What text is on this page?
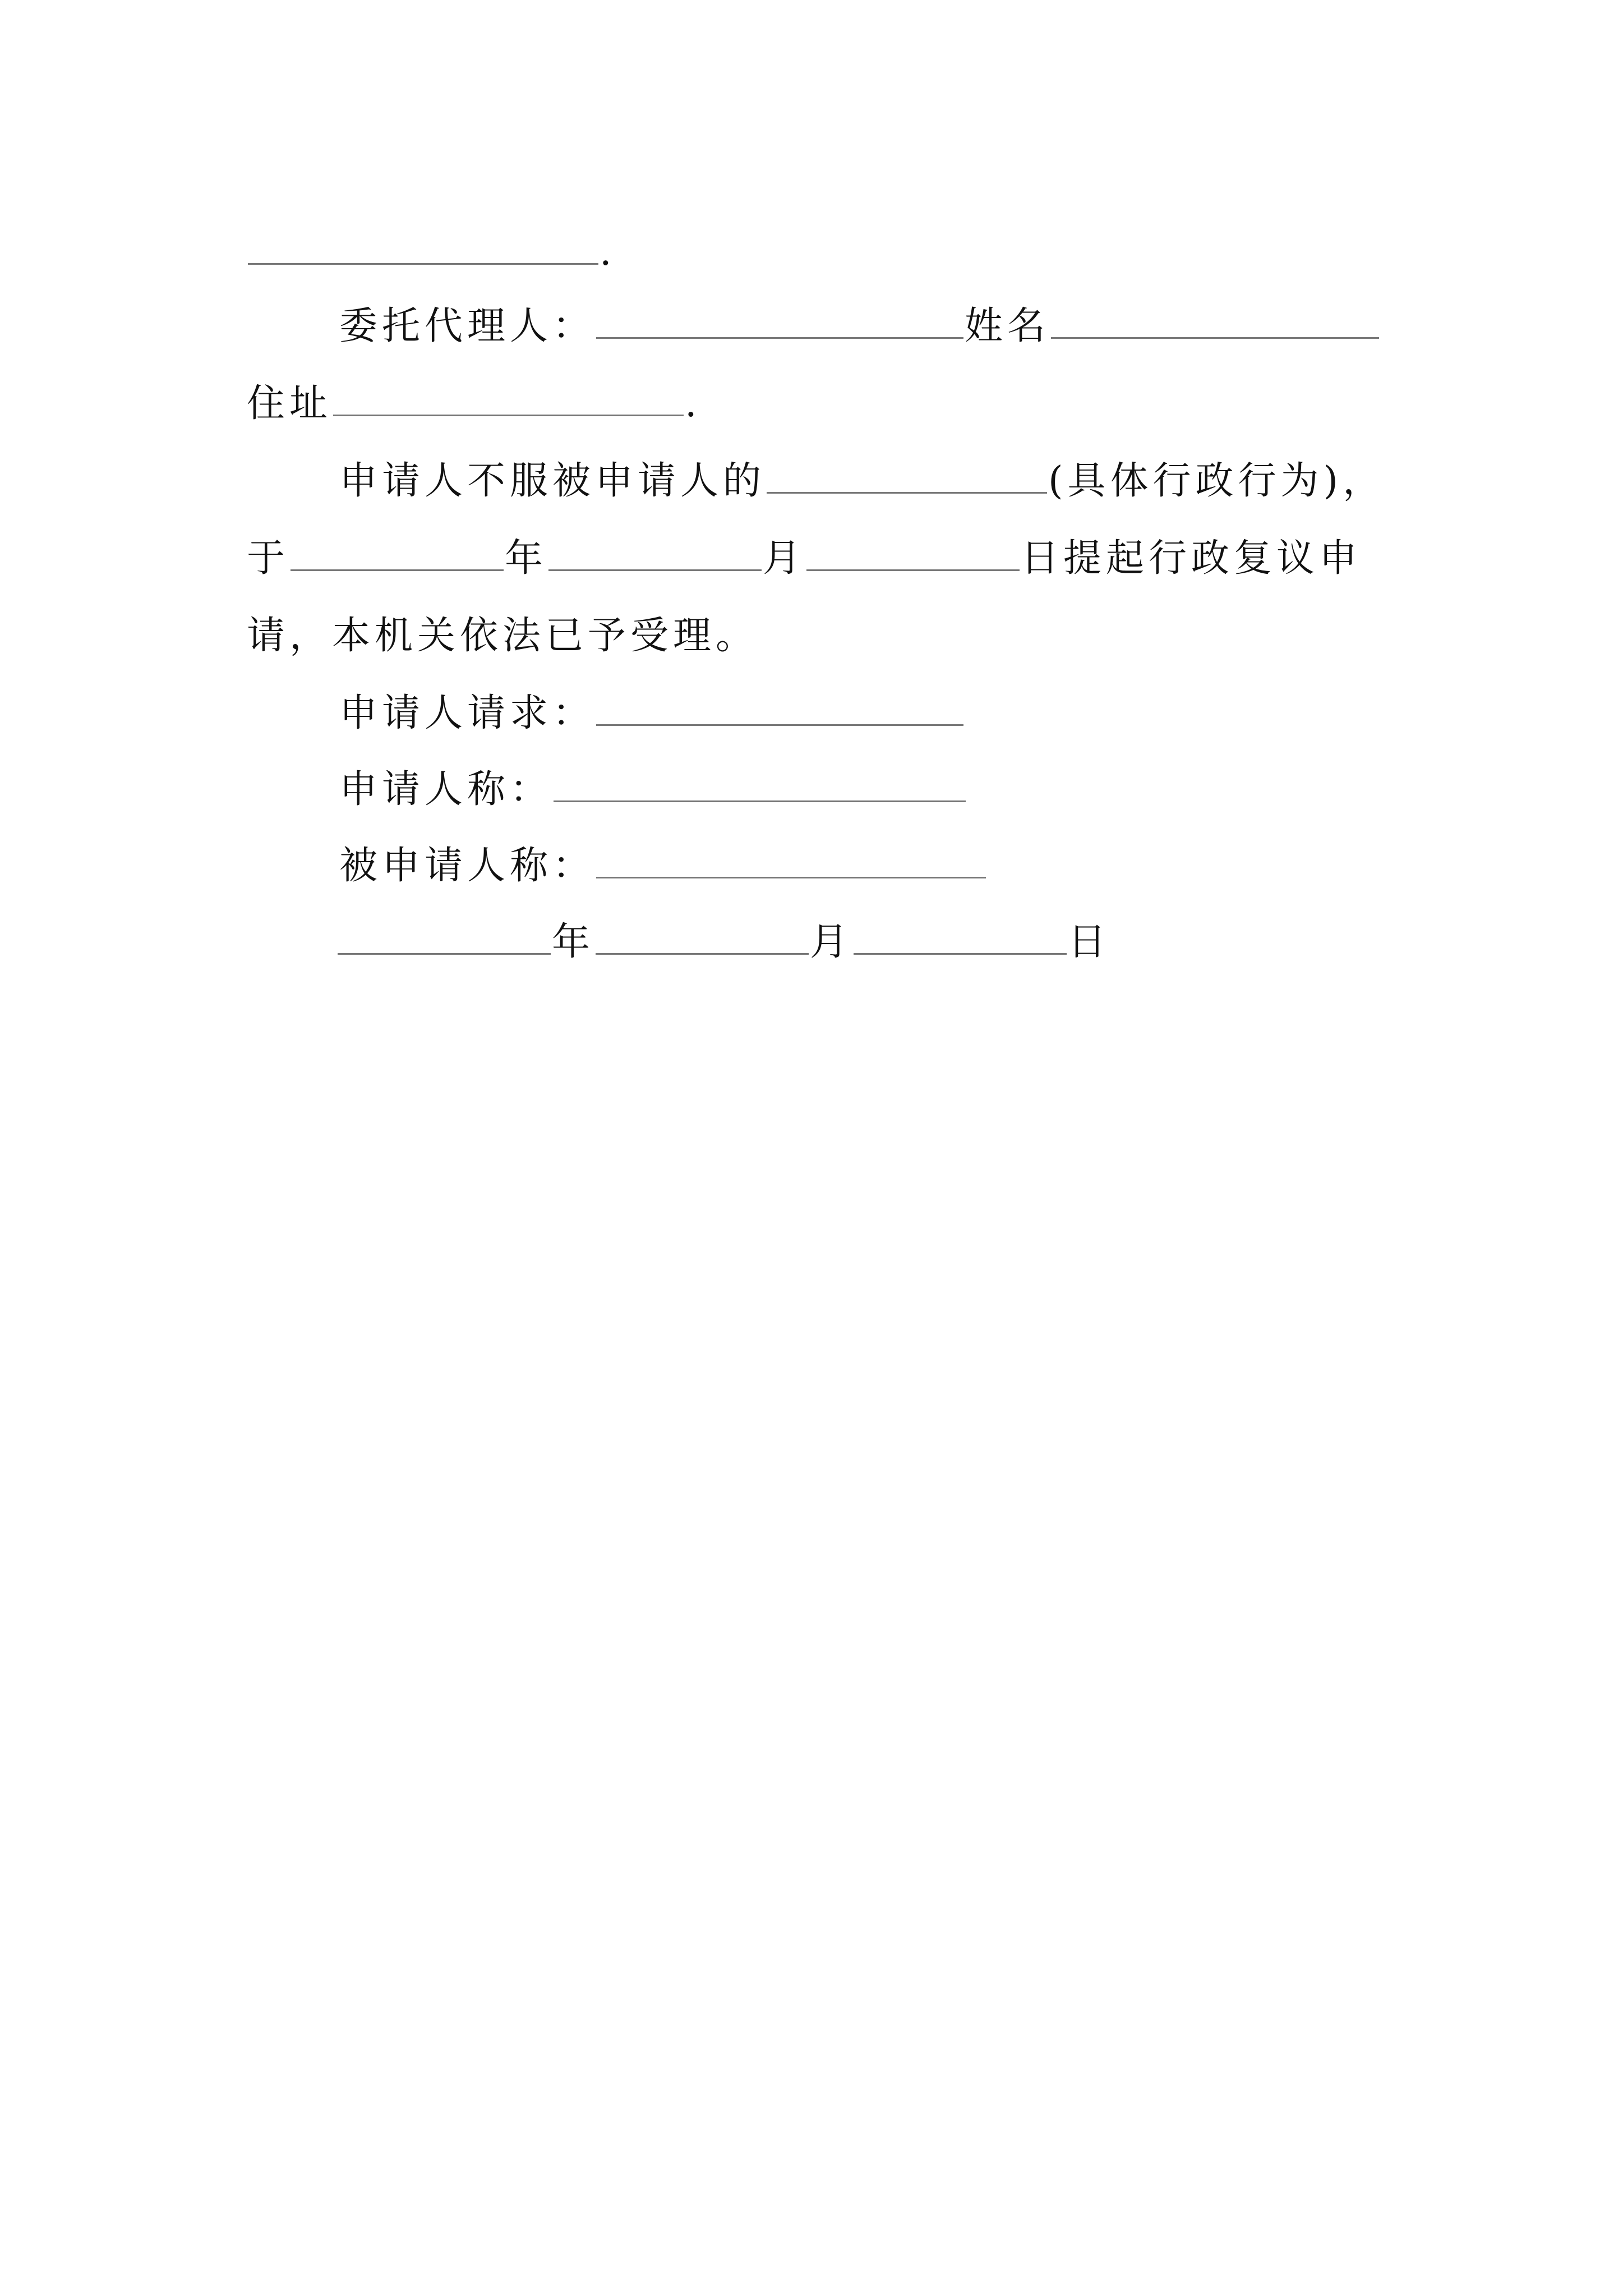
.
委托代理人：	姓名
住址	.
申请人不服被申请人的	(具体行政行为)，
于	年	月	日提起行政复议申
请，本机关依法已予受理。
申请人请求：
申请人称：
被申请人称：
年	月	日
